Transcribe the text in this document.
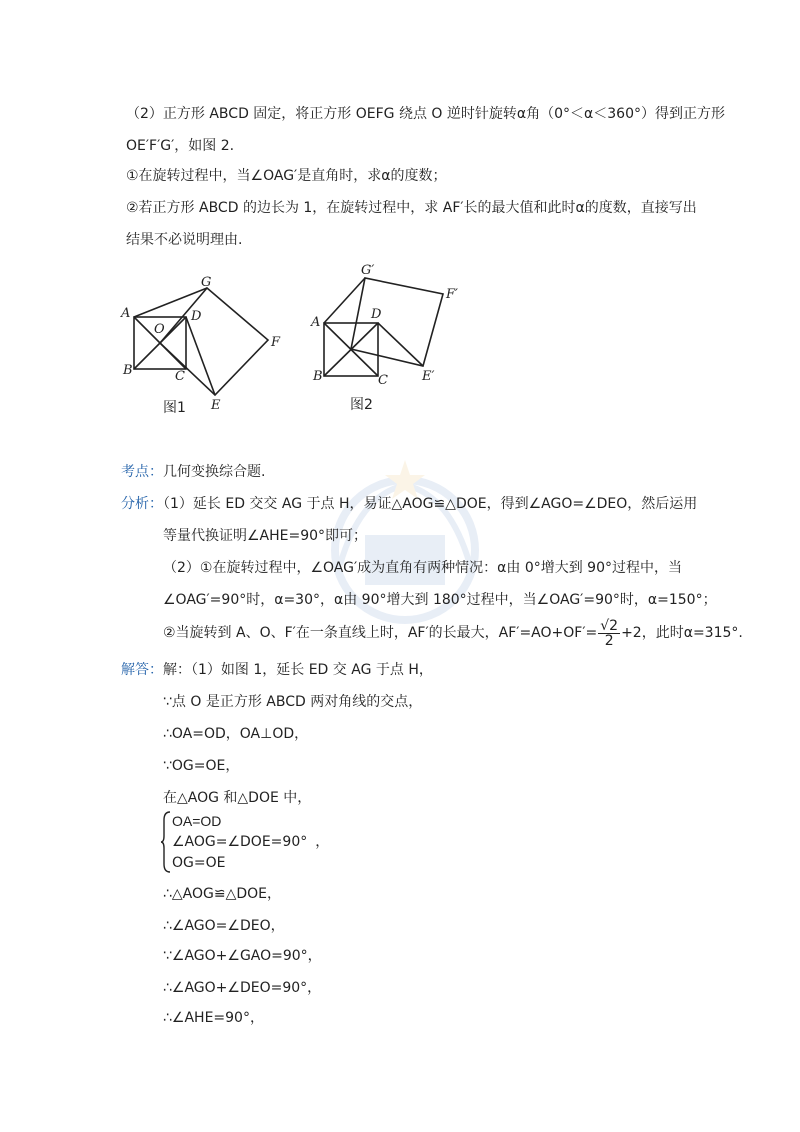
（2）正方形 ABCD 固定，将正方形 OEFG 绕点 O 逆时针旋转α角（0°＜α＜360°）得到正方形
OE′F′G′，如图 2.
①在旋转过程中，当∠OAG′是直角时，求α的度数；
②若正方形 ABCD 的边长为 1，在旋转过程中，求 AF′长的最大值和此时α的度数，直接写出
结果不必说明理由.
A
B	C
D
O
G
F
E
图1
G′
F′
A
D
B	C	E′
图2
考点：几何变换综合题.
分析：（1）延长 ED 交交 AG 于点 H，易证△AOG≌△DOE，得到∠AGO=∠DEO，然后运用
等量代换证明∠AHE=90°即可；
（2）①在旋转过程中，∠OAG′成为直角有两种情况：α由 0°增大到 90°过程中，当
∠OAG′=90°时，α=30°，α由 90°增大到 180°过程中，当∠OAG′=90°时，α=150°；
②当旋转到 A、O、F′在一条直线上时，AF′的长最大，$AF'=AO+OF'= \frac{√2}{2} +2$，此时α=315°.
解答：解：（1）如图 1，延长 ED 交 AG 于点 H，
∵点 O 是正方形 ABCD 两对角线的交点，
∴OA=OD，OA⊥OD，
∵OG=OE，
在△AOG 和△DOE 中，
OA=OD
∠AOG=∠DOE=90° ，
OG=OE
∴△AOG≌△DOE，
∴∠AGO=∠DEO，
∵∠AGO+∠GAO=90°，
∴∠AGO+∠DEO=90°，
∴∠AHE=90°，
